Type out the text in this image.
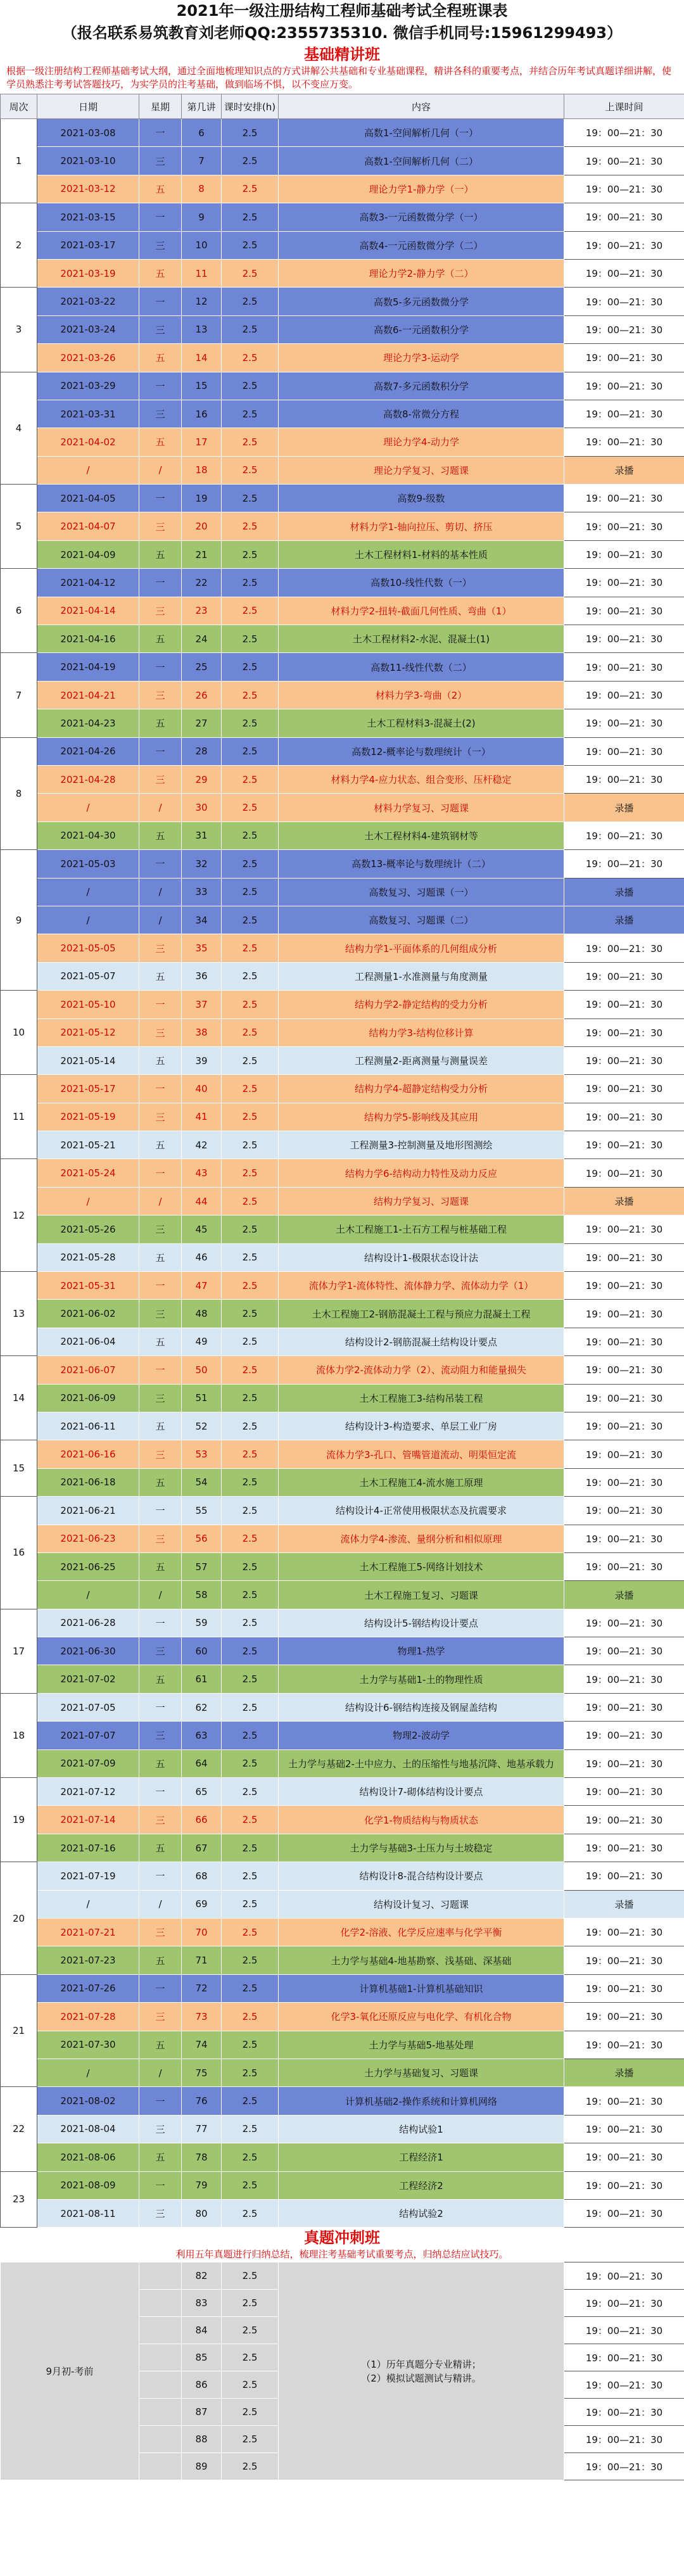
2021年一级注册结构工程师基础考试全程班课表
（报名联系易筑教育刘老师QQ:2355735310. 微信手机同号:15961299493）
基础精讲班
根据一级注册结构工程师基础考试大纲，通过全面地梳理知识点的方式讲解公共基础和专业基础课程，精讲各科的重要考点，并结合历年考试真题详细讲解，使学员熟悉注考考试答题技巧，为实学员的注考基础，做到临场不惧，以不变应万变。
周次	日期	星期	第几讲	课时安排(h)	内容	上课时间
1	2021-03-08	一	6	2.5	高数1-空间解析几何（一）	19：00—21：30
	2021-03-10	三	7	2.5	高数1-空间解析几何（二）	19：00—21：30
	2021-03-12	五	8	2.5	理论力学1-静力学（一）	19：00—21：30
2	2021-03-15	一	9	2.5	高数3-一元函数微分学（一）	19：00—21：30
	2021-03-17	三	10	2.5	高数4-一元函数微分学（二）	19：00—21：30
	2021-03-19	五	11	2.5	理论力学2-静力学（二）	19：00—21：30
3	2021-03-22	一	12	2.5	高数5-多元函数微分学	19：00—21：30
	2021-03-24	三	13	2.5	高数6-一元函数积分学	19：00—21：30
	2021-03-26	五	14	2.5	理论力学3-运动学	19：00—21：30
4	2021-03-29	一	15	2.5	高数7-多元函数积分学	19：00—21：30
	2021-03-31	三	16	2.5	高数8-常微分方程	19：00—21：30
	2021-04-02	五	17	2.5	理论力学4-动力学	19：00—21：30
	/	/	18	2.5	理论力学复习、习题课	录播
5	2021-04-05	一	19	2.5	高数9-级数	19：00—21：30
	2021-04-07	三	20	2.5	材料力学1-轴向拉压、剪切、挤压	19：00—21：30
	2021-04-09	五	21	2.5	土木工程材料1-材料的基本性质	19：00—21：30
6	2021-04-12	一	22	2.5	高数10-线性代数（一）	19：00—21：30
	2021-04-14	三	23	2.5	材料力学2-扭转-截面几何性质、弯曲（1）	19：00—21：30
	2021-04-16	五	24	2.5	土木工程材料2-水泥、混凝土(1)	19：00—21：30
7	2021-04-19	一	25	2.5	高数11-线性代数（二）	19：00—21：30
	2021-04-21	三	26	2.5	材料力学3-弯曲（2）	19：00—21：30
	2021-04-23	五	27	2.5	土木工程材料3-混凝土(2)	19：00—21：30
8	2021-04-26	一	28	2.5	高数12-概率论与数理统计（一）	19：00—21：30
	2021-04-28	三	29	2.5	材料力学4-应力状态、组合变形、压杆稳定	19：00—21：30
	/	/	30	2.5	材料力学复习、习题课	录播
	2021-04-30	五	31	2.5	土木工程材料4-建筑钢材等	19：00—21：30
9	2021-05-03	一	32	2.5	高数13-概率论与数理统计（二）	19：00—21：30
	/	/	33	2.5	高数复习、习题课（一）	录播
	/	/	34	2.5	高数复习、习题课（二）	录播
	2021-05-05	三	35	2.5	结构力学1-平面体系的几何组成分析	19：00—21：30
	2021-05-07	五	36	2.5	工程测量1-水准测量与角度测量	19：00—21：30
10	2021-05-10	一	37	2.5	结构力学2-静定结构的受力分析	19：00—21：30
	2021-05-12	三	38	2.5	结构力学3-结构位移计算	19：00—21：30
	2021-05-14	五	39	2.5	工程测量2-距离测量与测量误差	19：00—21：30
11	2021-05-17	一	40	2.5	结构力学4-超静定结构受力分析	19：00—21：30
	2021-05-19	三	41	2.5	结构力学5-影响线及其应用	19：00—21：30
	2021-05-21	五	42	2.5	工程测量3-控制测量及地形图测绘	19：00—21：30
12	2021-05-24	一	43	2.5	结构力学6-结构动力特性及动力反应	19：00—21：30
	/	/	44	2.5	结构力学复习、习题课	录播
	2021-05-26	三	45	2.5	土木工程施工1-土石方工程与桩基础工程	19：00—21：30
	2021-05-28	五	46	2.5	结构设计1-极限状态设计法	19：00—21：30
13	2021-05-31	一	47	2.5	流体力学1-流体特性、流体静力学、流体动力学（1）	19：00—21：30
	2021-06-02	三	48	2.5	土木工程施工2-钢筋混凝土工程与预应力混凝土工程	19：00—21：30
	2021-06-04	五	49	2.5	结构设计2-钢筋混凝土结构设计要点	19：00—21：30
14	2021-06-07	一	50	2.5	流体力学2-流体动力学（2）、流动阻力和能量损失	19：00—21：30
	2021-06-09	三	51	2.5	土木工程施工3-结构吊装工程	19：00—21：30
	2021-06-11	五	52	2.5	结构设计3-构造要求、单层工业厂房	19：00—21：30
15	2021-06-16	三	53	2.5	流体力学3-孔口、管嘴管道流动、明渠恒定流	19：00—21：30
	2021-06-18	五	54	2.5	土木工程施工4-流水施工原理	19：00—21：30
16	2021-06-21	一	55	2.5	结构设计4-正常使用极限状态及抗震要求	19：00—21：30
	2021-06-23	三	56	2.5	流体力学4-渗流、量纲分析和相似原理	19：00—21：30
	2021-06-25	五	57	2.5	土木工程施工5-网络计划技术	19：00—21：30
	/	/	58	2.5	土木工程施工复习、习题课	录播
17	2021-06-28	一	59	2.5	结构设计5-钢结构设计要点	19：00—21：30
	2021-06-30	三	60	2.5	物理1-热学	19：00—21：30
	2021-07-02	五	61	2.5	土力学与基础1-土的物理性质	19：00—21：30
18	2021-07-05	一	62	2.5	结构设计6-钢结构连接及钢屋盖结构	19：00—21：30
	2021-07-07	三	63	2.5	物理2-波动学	19：00—21：30
	2021-07-09	五	64	2.5	土力学与基础2-土中应力、土的压缩性与地基沉降、地基承载力	19：00—21：30
19	2021-07-12	一	65	2.5	结构设计7-砌体结构设计要点	19：00—21：30
	2021-07-14	三	66	2.5	化学1-物质结构与物质状态	19：00—21：30
	2021-07-16	五	67	2.5	土力学与基础3-土压力与土坡稳定	19：00—21：30
20	2021-07-19	一	68	2.5	结构设计8-混合结构设计要点	19：00—21：30
	/	/	69	2.5	结构设计复习、习题课	录播
	2021-07-21	三	70	2.5	化学2-溶液、化学反应速率与化学平衡	19：00—21：30
	2021-07-23	五	71	2.5	土力学与基础4-地基勘察、浅基础、深基础	19：00—21：30
21	2021-07-26	一	72	2.5	计算机基础1-计算机基础知识	19：00—21：30
	2021-07-28	三	73	2.5	化学3-氧化还原反应与电化学、有机化合物	19：00—21：30
	2021-07-30	五	74	2.5	土力学与基础5-地基处理	19：00—21：30
	/	/	75	2.5	土力学与基础复习、习题课	录播
22	2021-08-02	一	76	2.5	计算机基础2-操作系统和计算机网络	19：00—21：30
	2021-08-04	三	77	2.5	结构试验1	19：00—21：30
	2021-08-06	五	78	2.5	工程经济1	19：00—21：30
23	2021-08-09	一	79	2.5	工程经济2	19：00—21：30
	2021-08-11	三	80	2.5	结构试验2	19：00—21：30
真题冲刺班
利用五年真题进行归纳总结，梳理注考基础考试重要考点，归纳总结应试技巧。
9月初-考前		82	2.5	（1）历年真题分专业精讲；
（2）模拟试题测试与精讲。	19：00—21：30
		83	2.5		19：00—21：30
		84	2.5		19：00—21：30
		85	2.5		19：00—21：30
		86	2.5		19：00—21：30
		87	2.5		19：00—21：30
		88	2.5		19：00—21：30
		89	2.5		19：00—21：30
